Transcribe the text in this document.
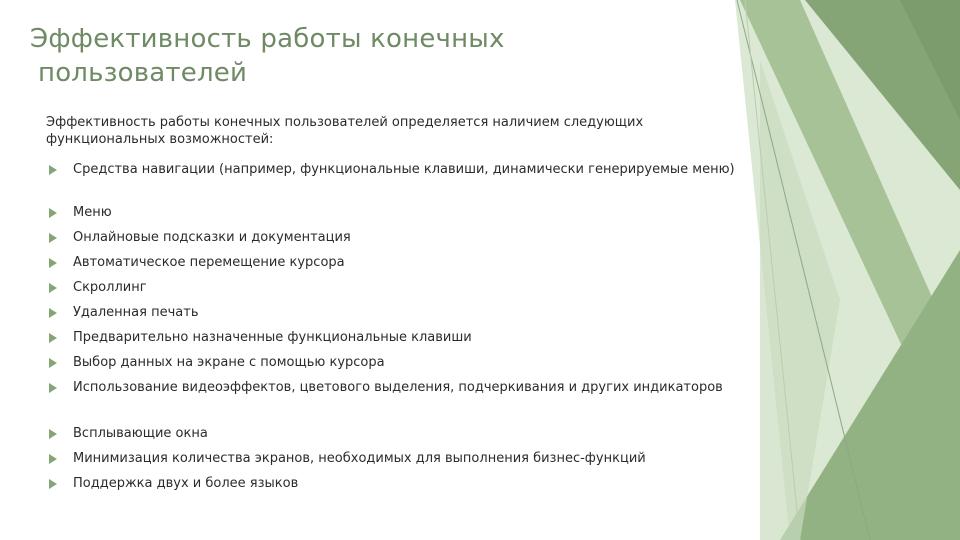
Эффективность работы конечных
пользователей
Эффективность работы конечных пользователей определяется наличием следующих функциональных возможностей:
Средства навигации (например, функциональные клавиши, динамически генерируемые меню)
Меню
Онлайновые подсказки и документация
Автоматическое перемещение курсора
Скроллинг
Удаленная печать
Предварительно назначенные функциональные клавиши
Выбор данных на экране с помощью курсора
Использование видеоэффектов, цветового выделения, подчеркивания и других индикаторов
Всплывающие окна
Минимизация количества экранов, необходимых для выполнения бизнес-функций
Поддержка двух и более языков
